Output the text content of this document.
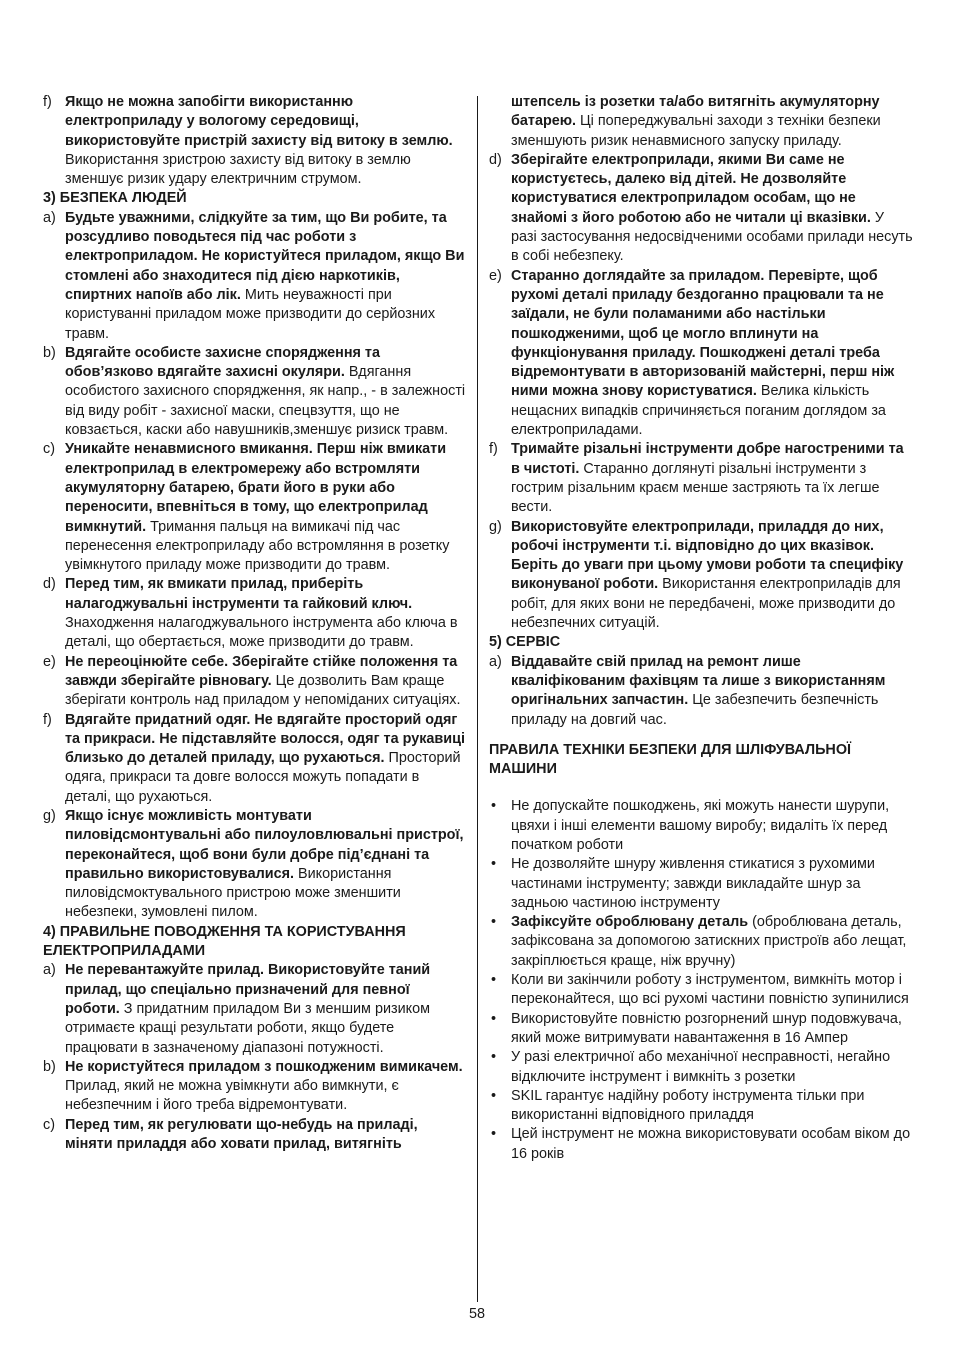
f) Якщо не можна запобігти використанню електроприладу у вологому середовищі, використовуйте пристрій захисту від витоку в землю. Використання зристрою захисту від витоку в землю зменшує ризик удару електричним струмом.
3) БЕЗПЕКА ЛЮДЕЙ
a) Будьте уважними, слідкуйте за тим, що Ви робите, та розсудливо поводьтеся під час роботи з електроприладом. Не користуйтеся приладом, якщо Ви стомлені або знаходитеся під дією наркотиків, спиртних напоїв або лік. Мить неуважності при користуванні приладом може призводити до серйозних травм.
b) Вдягайте особисте захисне спорядження та обов’язково вдягайте захисні окуляри. Вдягання особистого захисного спорядження, як напр., - в залежності від виду робіт - захисної маски, спецвзуття, що не ковзається, каски або навушників,зменшує ризиск травм.
c) Уникайте ненавмисного вмикання. Перш ніж вмикати електроприлад в електромережу або встромляти акумуляторну батарею, брати його в руки або переносити, впевніться в тому, що електроприлад вимкнутий. Тримання пальця на вимикачі під час перенесення електроприладу або встромляння в розетку увімкнутого приладу може призводити до травм.
d) Перед тим, як вмикати прилад, приберіть налагоджувальні інструменти та гайковий ключ. Знаходження налагоджувального інструмента або ключа в деталі, що обертається, може призводити до травм.
e) Не переоцінюйте себе. Зберігайте стійке положення та завжди зберігайте рівновагу. Це дозволить Вам краще зберігати контроль над приладом у непоміданих ситуаціях.
f) Вдягайте придатний одяг. Не вдягайте просторий одяг та прикраси. Не підставляйте волосся, одяг та рукавиці близько до деталей приладу, що рухаються. Просторий одяга, прикраси та довге волосся можуть попадати в деталі, що рухаються.
g) Якщо існує можливість монтувати пиловідсмонтувальні або пилоуловлювальні пристрої, переконайтеся, щоб вони були добре під’єднані та правильно використовувалися. Використання пиловідсмоктувального пристрою може зменшити небезпеки, зумовлені пилом.
4) ПРАВИЛЬНЕ ПОВОДЖЕННЯ ТА КОРИСТУВАННЯ ЕЛЕКТРОПРИЛАДАМИ
a) Не перевантажуйте прилад. Використовуйте таний прилад, що спеціально призначений для певної роботи. З придатним приладом Ви з меншим ризиком отримаєте кращі результати роботи, якщо будете працювати в зазначеному діапазоні потужності.
b) Не користуйтеся приладом з пошкодженим вимикачем. Прилад, який не можна увімкнути або вимкнути, є небезпечним і його треба відремонтувати.
c) Перед тим, як регулювати що-небудь на приладі, міняти приладдя або ховати прилад, витягніть
штепсель із розетки та/або витягніть акумуляторну батарею. Ці попереджувальні заходи з техніки безпеки зменшують ризик ненавмисного запуску приладу.
d) Зберігайте електроприлади, якими Ви саме не користуєтесь, далеко від дітей. Не дозволяйте користуватися електроприладом особам, що не знайомі з його роботою або не читали ці вказівки. У разі застосування недосвідченими особами прилади несуть в собі небезпеку.
e) Старанно доглядайте за приладом. Перевірте, щоб рухомі деталі приладу бездоганно працювали та не заїдали, не були поламаними або настільки пошкодженими, щоб це могло вплинути на функціонування приладу. Пошкоджені деталі треба відремонтувати в авторизованій майстерні, перш ніж ними можна знову користуватися. Велика кількість нещасних випадків спричиняється поганим доглядом за електроприладами.
f) Тримайте різальні інструменти добре нагостреними та в чистоті. Старанно доглянуті різальні інструменти з гострим різальним краєм менше застряють та їх легше вести.
g) Використовуйте електроприлади, приладдя до них, робочі інструменти т.і. відповідно до цих вказівок. Беріть до уваги при цьому умови роботи та специфіку виконуваної роботи. Використання електроприладів для робіт, для яких вони не передбачені, може призводити до небезпечних ситуацій.
5) СЕРВІС
a) Віддавайте свій прилад на ремонт лише кваліфікованим фахівцям та лише з використанням оригінальних запчастин. Це забезпечить безпечність приладу на довгий час.
ПРАВИЛА ТЕХНІКИ БЕЗПЕКИ ДЛЯ ШЛІФУВАЛЬНОЇ МАШИНИ
•	Не допускайте пошкоджень, які можуть нанести шурупи, цвяхи і інші елементи вашому виробу; видаліть їх перед початком роботи
•	Не дозволяйте шнуру живлення стикатися з рухомими частинами інструменту; завжди викладайте шнур за задньою частиною інструменту
•	Зафіксуйте оброблювану деталь (оброблювана деталь, зафіксована за допомогою затискних пристроїв або лещат, закріплюється краще, ніж вручну)
•	Коли ви закінчили роботу з інструментом, вимкніть мотор і переконайтеся, що всі рухомі частини повністю зупинилися
•	Використовуйте повністю розгорнений шнур подовжувача, який може витримувати навантаження в 16 Ампер
•	У разі електричної або механічної несправності, негайно відключите інструмент і вимкніть з розетки
•	SKIL гарантує надійну роботу інструмента тільки при використанні відповідного приладдя
•	Цей інструмент не можна використовувати особам віком до 16 років
58
